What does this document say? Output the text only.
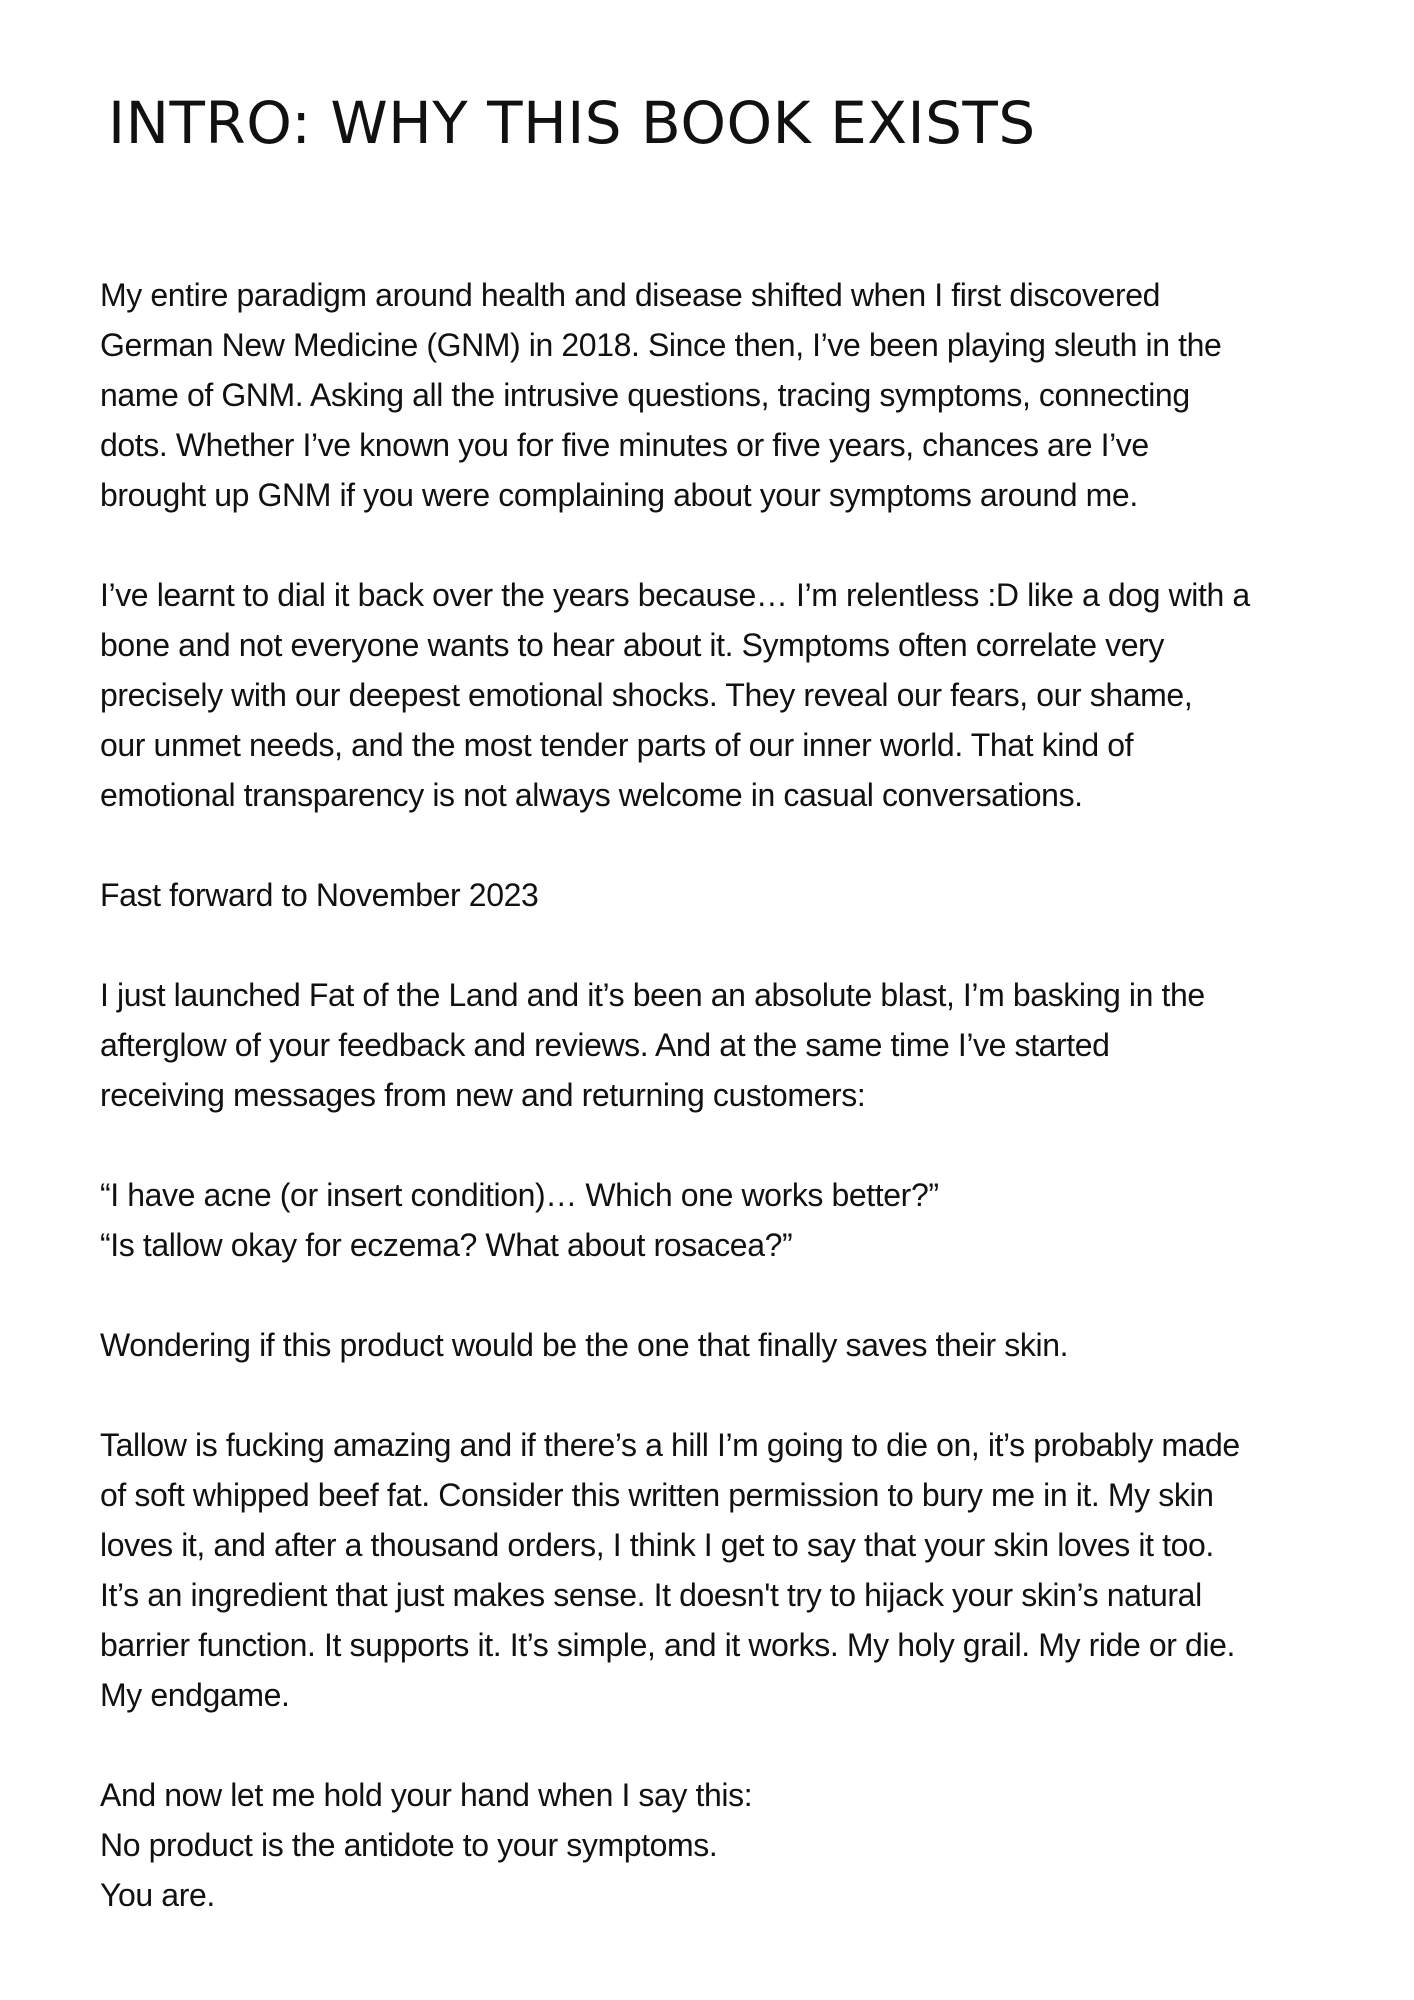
INTRO: WHY THIS BOOK EXISTS

My entire paradigm around health and disease shifted when I first discovered
German New Medicine (GNM) in 2018. Since then, I’ve been playing sleuth in the
name of GNM. Asking all the intrusive questions, tracing symptoms, connecting
dots. Whether I’ve known you for five minutes or five years, chances are I’ve
brought up GNM if you were complaining about your symptoms around me.

I’ve learnt to dial it back over the years because… I’m relentless :D like a dog with a
bone and not everyone wants to hear about it. Symptoms often correlate very
precisely with our deepest emotional shocks. They reveal our fears, our shame,
our unmet needs, and the most tender parts of our inner world. That kind of
emotional transparency is not always welcome in casual conversations.

Fast forward to November 2023

I just launched Fat of the Land and it’s been an absolute blast, I’m basking in the
afterglow of your feedback and reviews. And at the same time I’ve started
receiving messages from new and returning customers:

“I have acne (or insert condition)… Which one works better?”
“Is tallow okay for eczema? What about rosacea?”

Wondering if this product would be the one that finally saves their skin.

Tallow is fucking amazing and if there’s a hill I’m going to die on, it’s probably made
of soft whipped beef fat. Consider this written permission to bury me in it. My skin
loves it, and after a thousand orders, I think I get to say that your skin loves it too.
It’s an ingredient that just makes sense. It doesn't try to hijack your skin’s natural
barrier function. It supports it. It’s simple, and it works. My holy grail. My ride or die.
My endgame.

And now let me hold your hand when I say this:
No product is the antidote to your symptoms.
You are.
